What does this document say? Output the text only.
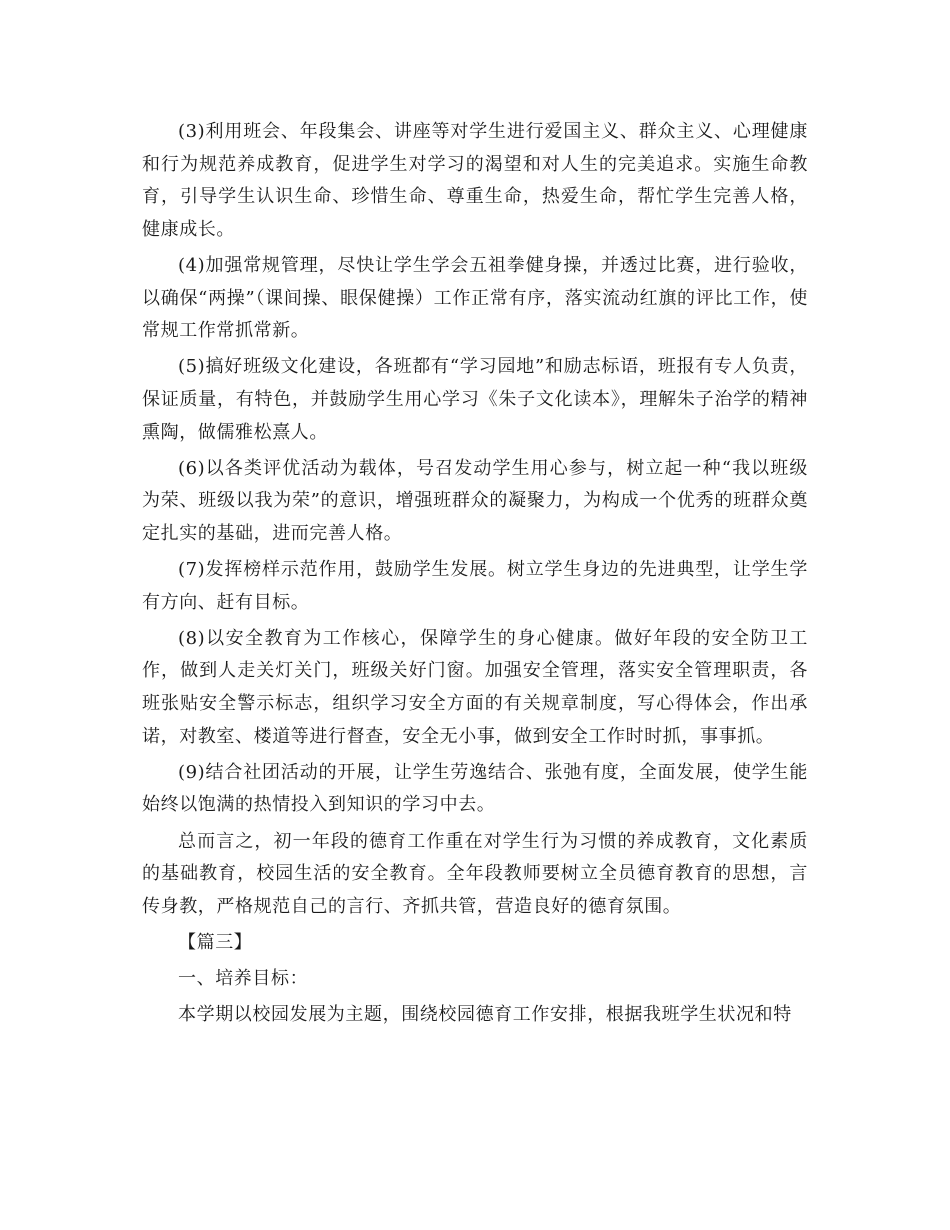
(3)利用班会、年段集会、讲座等对学生进行爱国主义、群众主义、心理健康和行为规范养成教育，促进学生对学习的渴望和对人生的完美追求。实施生命教育，引导学生认识生命、珍惜生命、尊重生命，热爱生命，帮忙学生完善人格，健康成长。

(4)加强常规管理，尽快让学生学会五祖拳健身操，并透过比赛，进行验收，以确保“两操”（课间操、眼保健操）工作正常有序，落实流动红旗的评比工作，使常规工作常抓常新。

(5)搞好班级文化建设，各班都有“学习园地”和励志标语，班报有专人负责，保证质量，有特色，并鼓励学生用心学习《朱子文化读本》，理解朱子治学的精神熏陶，做儒雅松熹人。

(6)以各类评优活动为载体，号召发动学生用心参与，树立起一种“我以班级为荣、班级以我为荣”的意识，增强班群众的凝聚力，为构成一个优秀的班群众奠定扎实的基础，进而完善人格。

(7)发挥榜样示范作用，鼓励学生发展。树立学生身边的先进典型，让学生学有方向、赶有目标。

(8)以安全教育为工作核心，保障学生的身心健康。做好年段的安全防卫工作，做到人走关灯关门，班级关好门窗。加强安全管理，落实安全管理职责，各班张贴安全警示标志，组织学习安全方面的有关规章制度，写心得体会，作出承诺，对教室、楼道等进行督查，安全无小事，做到安全工作时时抓，事事抓。

(9)结合社团活动的开展，让学生劳逸结合、张弛有度，全面发展，使学生能始终以饱满的热情投入到知识的学习中去。

总而言之，初一年段的德育工作重在对学生行为习惯的养成教育，文化素质的基础教育，校园生活的安全教育。全年段教师要树立全员德育教育的思想，言传身教，严格规范自己的言行、齐抓共管，营造良好的德育氛围。

【篇三】

一、培养目标：

本学期以校园发展为主题，围绕校园德育工作安排，根据我班学生状况和特
